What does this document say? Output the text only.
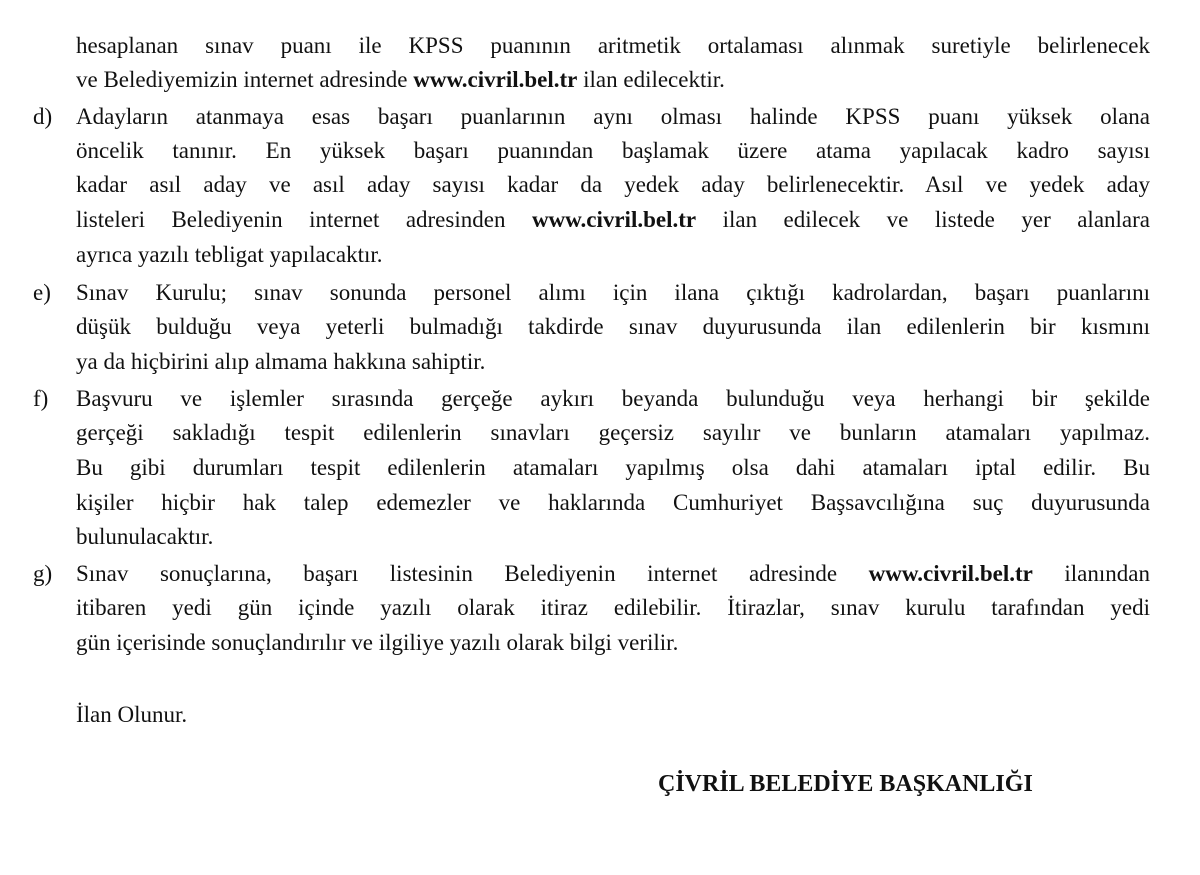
hesaplanan sınav puanı ile KPSS puanının aritmetik ortalaması alınmak suretiyle belirlenecek
ve Belediyemizin internet adresinde www.civril.bel.tr ilan edilecektir.
d) Adayların atanmaya esas başarı puanlarının aynı olması halinde KPSS puanı yüksek olana
öncelik tanınır. En yüksek başarı puanından başlamak üzere atama yapılacak kadro sayısı
kadar asıl aday ve asıl aday sayısı kadar da yedek aday belirlenecektir. Asıl ve yedek aday
listeleri Belediyenin internet adresinden www.civril.bel.tr ilan edilecek ve listede yer alanlara
ayrıca yazılı tebligat yapılacaktır.
e) Sınav Kurulu; sınav sonunda personel alımı için ilana çıktığı kadrolardan, başarı puanlarını
düşük bulduğu veya yeterli bulmadığı takdirde sınav duyurusunda ilan edilenlerin bir kısmını
ya da hiçbirini alıp almama hakkına sahiptir.
f) Başvuru ve işlemler sırasında gerçeğe aykırı beyanda bulunduğu veya herhangi bir şekilde
gerçeği sakladığı tespit edilenlerin sınavları geçersiz sayılır ve bunların atamaları yapılmaz.
Bu gibi durumları tespit edilenlerin atamaları yapılmış olsa dahi atamaları iptal edilir. Bu
kişiler hiçbir hak talep edemezler ve haklarında Cumhuriyet Başsavcılığına suç duyurusunda
bulunulacaktır.
g) Sınav sonuçlarına, başarı listesinin Belediyenin internet adresinde www.civril.bel.tr ilanından
itibaren yedi gün içinde yazılı olarak itiraz edilebilir. İtirazlar, sınav kurulu tarafından yedi
gün içerisinde sonuçlandırılır ve ilgiliye yazılı olarak bilgi verilir.
İlan Olunur.
ÇİVRİL BELEDİYE BAŞKANLIĞI
